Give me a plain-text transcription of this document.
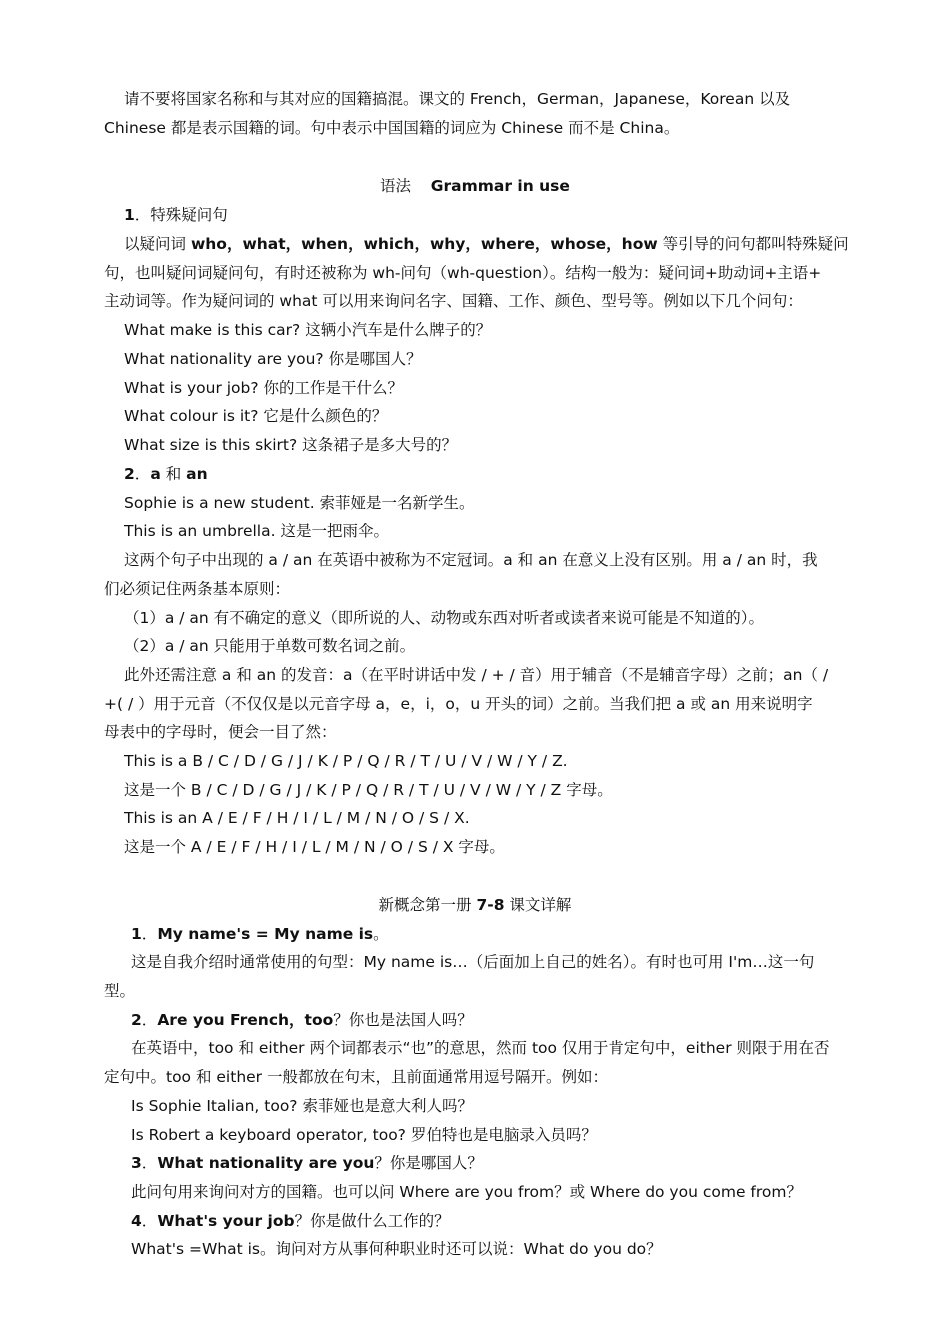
请不要将国家名称和与其对应的国籍搞混。课文的 French，German，Japanese，Korean 以及
Chinese 都是表示国籍的词。句中表示中国国籍的词应为 Chinese 而不是 China。
语法 Grammar in use
1．特殊疑问句
以疑问词 who，what，when，which，why，where，whose，how 等引导的问句都叫特殊疑问
句，也叫疑问词疑问句，有时还被称为 wh-问句（wh-question）。结构一般为：疑问词+助动词+主语+
主动词等。作为疑问词的 what 可以用来询问名字、国籍、工作、颜色、型号等。例如以下几个问句：
What make is this car? 这辆小汽车是什么牌子的？
What nationality are you? 你是哪国人？
What is your job? 你的工作是干什么？
What colour is it? 它是什么颜色的？
What size is this skirt? 这条裙子是多大号的？
2．a 和 an
Sophie is a new student. 索菲娅是一名新学生。
This is an umbrella. 这是一把雨伞。
这两个句子中出现的 a / an 在英语中被称为不定冠词。a 和 an 在意义上没有区别。用 a / an 时，我
们必须记住两条基本原则：
（1）a / an 有不确定的意义（即所说的人、动物或东西对听者或读者来说可能是不知道的）。
（2）a / an 只能用于单数可数名词之前。
此外还需注意 a 和 an 的发音：a（在平时讲话中发 / + / 音）用于辅音（不是辅音字母）之前；an（ /
+( / ）用于元音（不仅仅是以元音字母 a，e，i，o，u 开头的词）之前。当我们把 a 或 an 用来说明字
母表中的字母时，便会一目了然：
This is a B / C / D / G / J / K / P / Q / R / T / U / V / W / Y / Z.
这是一个 B / C / D / G / J / K / P / Q / R / T / U / V / W / Y / Z 字母。
This is an A / E / F / H / I / L / M / N / O / S / X.
这是一个 A / E / F / H / I / L / M / N / O / S / X 字母。
新概念第一册 7-8 课文详解
1．My name's = My name is。
这是自我介绍时通常使用的句型：My name is…（后面加上自己的姓名）。有时也可用 I'm…这一句
型。
2．Are you French，too？你也是法国人吗？
在英语中，too 和 either 两个词都表示“也”的意思，然而 too 仅用于肯定句中，either 则限于用在否
定句中。too 和 either 一般都放在句末，且前面通常用逗号隔开。例如：
Is Sophie Italian, too? 索菲娅也是意大利人吗？
Is Robert a keyboard operator, too? 罗伯特也是电脑录入员吗？
3．What nationality are you？你是哪国人？
此问句用来询问对方的国籍。也可以问 Where are you from？或 Where do you come from？
4．What's your job？你是做什么工作的？
What's =What is。询问对方从事何种职业时还可以说：What do you do？
